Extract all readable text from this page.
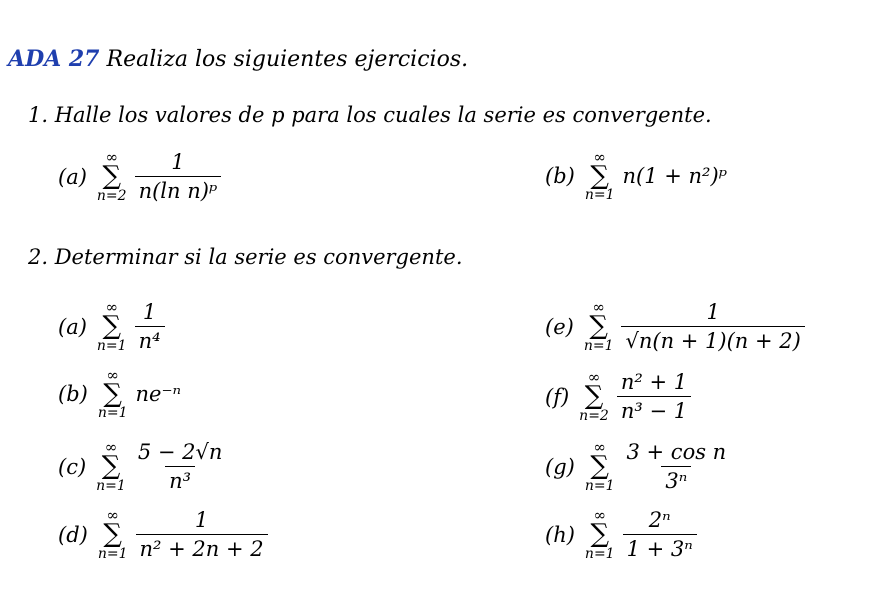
ADA 27 Realiza los siguientes ejercicios.
1. Halle los valores de p para los cuales la serie es convergente.
(a)
∞
∑
$n=2 \frac{1}{\text{n(ln n)ᵖ}}$	(b)
∞
∑
n=1
n(1 + n²)ᵖ
2. Determinar si la serie es convergente.
(a)
∞
∑
$n=1 \frac{1}{\text{n⁴}}$	(e)
∞
∑
$n=1 \frac{1}{√n(n + 1)(n + 2)}$
(b)
∞
∑
n=1
ne⁻ⁿ	(f)
∞
∑
$n=2 \frac{\text{n² + 1}}{\text{n³ − 1}}$
(c)
∞
∑
$n=1 \frac{5 - 2√n}{\text{n³}}$	(g)
∞
∑
$n=1 \frac{\text{3 + cos n}}{\text{3ⁿ}}$
(d)
∞
∑
$n=1 \frac{1}{\text{n² + 2n + 2}}$	(h)
∞
∑
$n=1 \frac{\text{2ⁿ}}{\text{1 + 3ⁿ}}$
